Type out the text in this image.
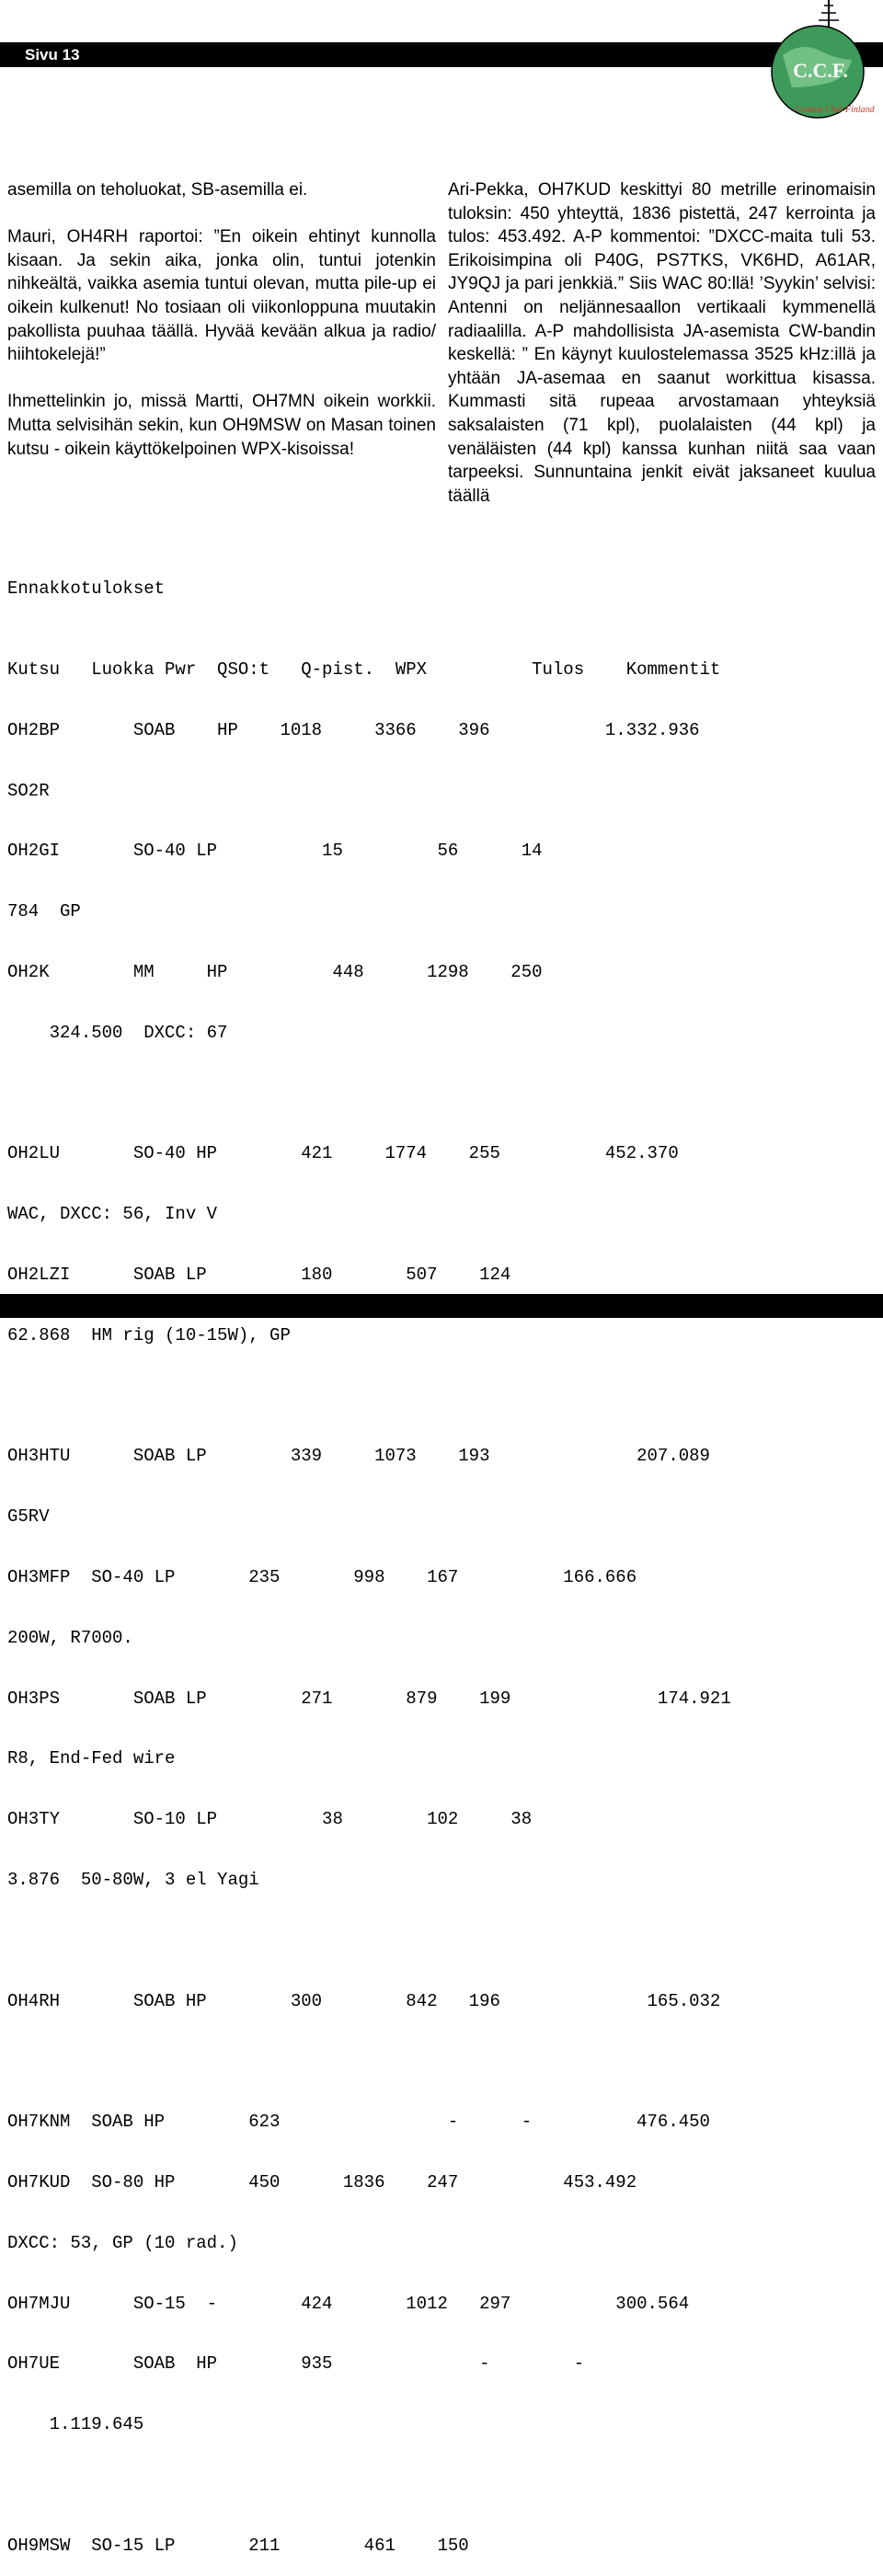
Sivu 13
C.C.F.
Contest Club Finland

asemilla on teholuokat, SB-asemilla ei.

Mauri, OH4RH raportoi: ”En oikein ehtinyt kunnolla kisaan. Ja sekin aika, jonka olin, tuntui jotenkin nihkeältä, vaikka asemia tuntui olevan, mutta pile-up ei oikein kulkenut! No tosiaan oli viikonloppuna muutakin pakollista puuhaa täällä. Hyvää kevään alkua ja radio/ hiihtokelejä!”

Ihmettelinkin jo, missä Martti, OH7MN oikein workkii. Mutta selvisihän sekin, kun OH9MSW on Masan toinen kutsu - oikein käyttökelpoinen WPX-kisoissa!

Ari-Pekka, OH7KUD keskittyi 80 metrille erinomaisin tuloksin: 450 yhteyttä, 1836 pistettä, 247 kerrointa ja tulos: 453.492. A-P kommentoi: ”DXCC-maita tuli 53. Erikoisimpina oli P40G, PS7TKS, VK6HD, A61AR, JY9QJ ja pari jenkkiä.” Siis WAC 80:llä! ’Syykin’ selvisi: Antenni on neljännesaallon vertikaali kymmenellä radiaalilla. A-P mahdollisista JA-asemista CW-bandin keskellä: ” En käynyt kuulostelemassa 3525 kHz:illä ja yhtään JA-asemaa en saanut workittua kisassa. Kummasti sitä rupeaa arvostamaan yhteyksiä saksalaisten (71 kpl), puolalaisten (44 kpl) ja venäläisten (44 kpl) kanssa kunhan niitä saa vaan tarpeeksi. Sunnuntaina jenkit eivät jaksaneet kuulua täällä

Ennakkotulokset

Kutsu   Luokka Pwr  QSO:t   Q-pist.  WPX          Tulos    Kommentit

OH2BP       SOAB    HP    1018     3366    396           1.332.936

SO2R

OH2GI       SO-40 LP          15         56      14

784  GP

OH2K        MM     HP          448      1298    250

324.500  DXCC: 67

OH2LU       SO-40 HP        421     1774    255          452.370

WAC, DXCC: 56, Inv V

OH2LZI      SOAB LP         180       507    124

62.868  HM rig (10-15W), GP

OH3HTU      SOAB LP        339     1073    193              207.089

G5RV

OH3MFP  SO-40 LP       235       998    167          166.666

200W, R7000.

OH3PS       SOAB LP         271       879    199              174.921

R8, End-Fed wire

OH3TY       SO-10 LP          38        102     38

3.876  50-80W, 3 el Yagi

OH4RH       SOAB HP        300        842   196              165.032

OH7KNM  SOAB HP        623                -      -          476.450

OH7KUD  SO-80 HP       450      1836    247          453.492

DXCC: 53, GP (10 rad.)

OH7MJU      SO-15  -        424       1012   297          300.564

OH7UE       SOAB  HP        935              -        -

1.119.645

OH9MSW  SO-15 LP       211        461    150
